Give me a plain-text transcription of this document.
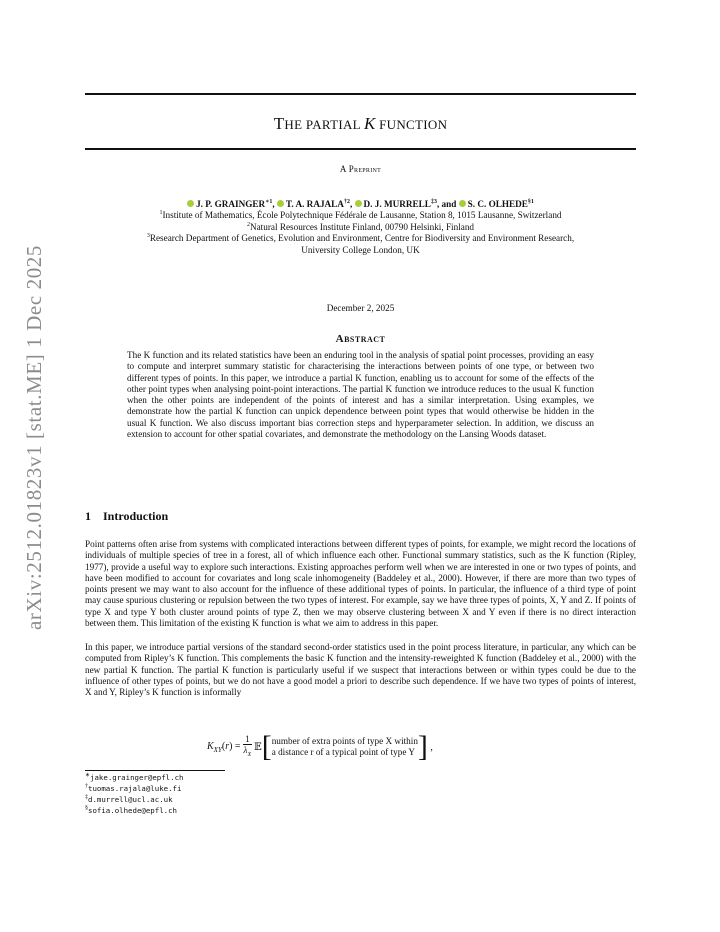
arXiv:2512.01823v1 [stat.ME] 1 Dec 2025
THE PARTIAL K FUNCTION
A Preprint
J. P. $GRAINGER^{∗1}$, T. A. RAJALA$^{\dagger 2}$, D. J. MURRELL$^{\ddagger 3}$, and S. C. OLHEDE$^{\S 1}$
$^1$Institute of Mathematics, École Polytechnique Fédérale de Lausanne, Station 8, 1015 Lausanne, Switzerland
$^2$Natural Resources Institute Finland, 00790 Helsinki, Finland
$^3$Research Department of Genetics, Evolution and Environment, Centre for Biodiversity and Environment Research,
University College London, UK
December 2, 2025
Abstract
The K function and its related statistics have been an enduring tool in the analysis of spatial point processes, providing an easy to compute and interpret summary statistic for characterising the interactions between points of one type, or between two different types of points. In this paper, we introduce a partial K function, enabling us to account for some of the effects of the other point types when analysing point-point interactions. The partial K function we introduce reduces to the usual K function when the other points are independent of the points of interest and has a similar interpretation. Using examples, we demonstrate how the partial K function can unpick dependence between point types that would otherwise be hidden in the usual K function. We also discuss important bias correction steps and hyperparameter selection. In addition, we discuss an extension to account for other spatial covariates, and demonstrate the methodology on the Lansing Woods dataset.
1 Introduction
Point patterns often arise from systems with complicated interactions between different types of points, for example, we might record the locations of individuals of multiple species of tree in a forest, all of which influence each other. Functional summary statistics, such as the K function (Ripley, 1977), provide a useful way to explore such interactions. Existing approaches perform well when we are interested in one or two types of points, and have been modified to account for covariates and long scale inhomogeneity (Baddeley et al., 2000). However, if there are more than two types of points present we may want to also account for the influence of these additional types of points. In particular, the influence of a third type of point may cause spurious clustering or repulsion between the two types of interest. For example, say we have three types of points, X, Y and Z. If points of type X and type Y both cluster around points of type Z, then we may observe clustering between X and Y even if there is no direct interaction between them. This limitation of the existing K function is what we aim to address in this paper.
In this paper, we introduce partial versions of the standard second-order statistics used in the point process literature, in particular, any which can be computed from Ripley’s K function. This complements the basic K function and the intensity-reweighted K function (Baddeley et al., 2000) with the new partial K function. The partial K function is particularly useful if we suspect that interactions between or within types could be due to the influence of other types of points, but we do not have a good model a priori to describe such dependence. If we have two types of points of interest, X and Y, Ripley’s K function is informally
$K_{XY}(r)$ =	$\frac{1}{\lambda_X}$	𝔼	[	number of extra points of type X within
a distance r of a typical point of type Y	]	,
∗jake.grainger@epfl.ch
†tuomas.rajala@luke.fi
‡d.murrell@ucl.ac.uk
§sofia.olhede@epfl.ch
